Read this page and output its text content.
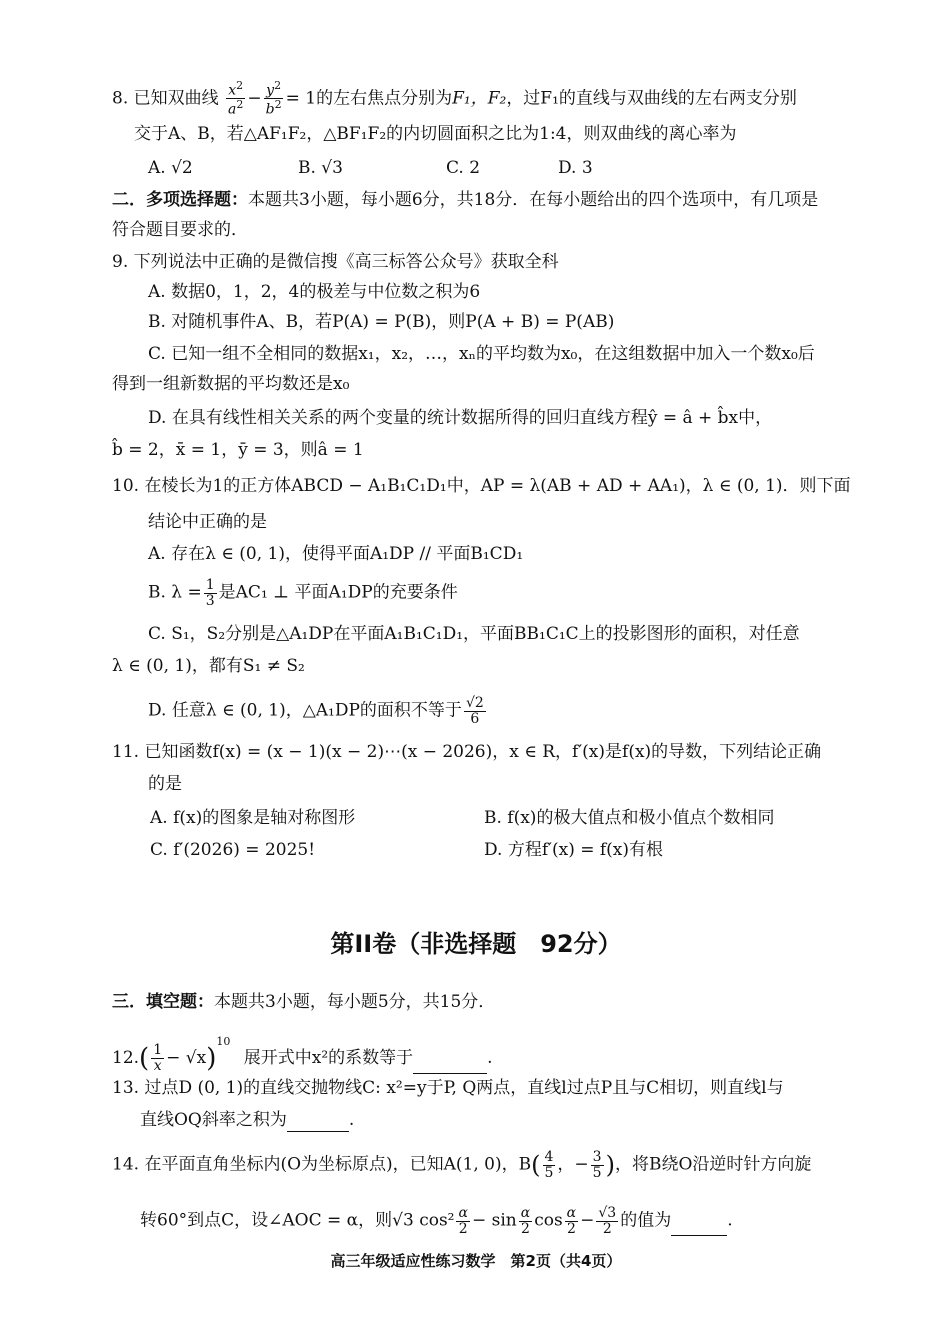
8. 已知双曲线 $\frac{x^2}{a^2} - \frac{y^2}{b^2} = 1$的左右焦点分别为F₁，F₂，过F₁的直线与双曲线的左右两支分别
交于A、B，若△AF₁F₂，△BF₁F₂的内切圆面积之比为1:4，则双曲线的离心率为
A. √2	B. √3	C. 2	D. 3
二．多项选择题：本题共3小题，每小题6分，共18分．在每小题给出的四个选项中，有几项是
符合题目要求的．
9. 下列说法中正确的是微信搜《高三标答公众号》获取全科
A. 数据0，1，2，4的极差与中位数之积为6
B. 对随机事件A、B，若P(A) = P(B)，则P(A + B) = P(AB)
C. 已知一组不全相同的数据x₁，x₂，…，xₙ的平均数为x₀，在这组数据中加入一个数x₀后
得到一组新数据的平均数还是x₀
D. 在具有线性相关关系的两个变量的统计数据所得的回归直线方程ŷ = â + b̂x中，
b̂ = 2，x̄ = 1，ȳ = 3，则â = 1
10. 在棱长为1的正方体ABCD − A₁B₁C₁D₁中，AP = λ(AB + AD + AA₁)，λ ∈ (0, 1)．则下面
结论中正确的是
A. 存在λ ∈ (0, 1)，使得平面A₁DP // 平面B₁CD₁
B. $\lambda = \frac{1}{3}$ 是AC₁ ⊥ 平面A₁DP的充要条件
C. S₁，S₂分别是△A₁DP在平面A₁B₁C₁D₁，平面BB₁C₁C上的投影图形的面积，对任意
λ ∈ (0, 1)，都有S₁ ≠ S₂
D. 任意λ ∈ (0, 1)，△A₁DP的面积不等于 $\frac{√2}{6}$
11. 已知函数f(x) = (x − 1)(x − 2)⋯(x − 2026)，x ∈ R，f′(x)是f(x)的导数，下列结论正确
的是
A. f(x)的图象是轴对称图形	B. f(x)的极大值点和极小值点个数相同
C. f′(2026) = 2025!	D. 方程f′(x) = f(x)有根
第II卷（非选择题　92分）
三．填空题：本题共3小题，每小题5分，共15分．
$12.( \frac{1}{x} - √x)^{10}$ 展开式中x²的系数等于	.
13. 过点D (0, 1)的直线交抛物线C: x²=y于P, Q两点，直线l过点P且与C相切，则直线l与
直线OQ斜率之积为	.
14. 在平面直角坐标内(O为坐标原点)，已知A(1, 0)，$B( \frac{4}{5}$ ，− $\frac{3}{5}$ )，将B绕O沿逆时针方向旋
转60°到点C，设∠AOC = α，则√3 $\cos^2 \frac{\alpha}{2} - \sin \frac{\alpha}{2}$ $\cos \frac{\alpha}{2} - \frac{√3}{2}$ 的值为	.
高三年级适应性练习数学　第2页（共4页）
